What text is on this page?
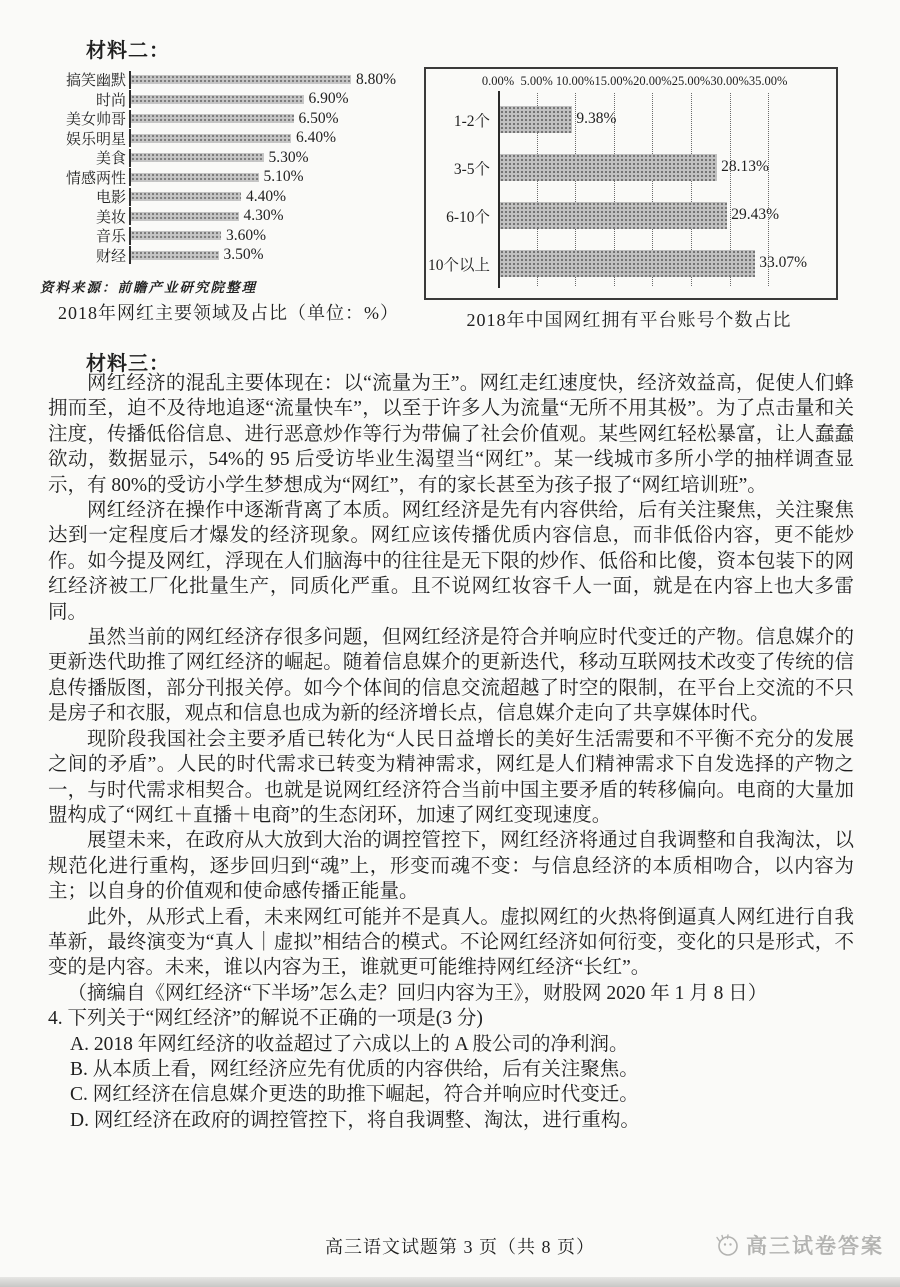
材料二：
搞笑幽默	8.80%
时尚	6.90%
美女帅哥	6.50%
娱乐明星	6.40%
美食	5.30%
情感两性	5.10%
电影	4.40%
美妆	4.30%
音乐	3.60%
财经	3.50%
资料来源：前瞻产业研究院整理
2018年网红主要领域及占比（单位：%）
0.00% 5.00% 10.00% 15.00% 20.00% 25.00% 30.00% 35.00%
1-2个	9.38%
3-5个	28.13%
6-10个	29.43%
10个以上	33.07%
2018年中国网红拥有平台账号个数占比
材料三：

网红经济的混乱主要体现在：以“流量为王”。网红走红速度快，经济效益高，促使人们蜂拥而至，迫不及待地追逐“流量快车”，以至于许多人为流量“无所不用其极”。为了点击量和关注度，传播低俗信息、进行恶意炒作等行为带偏了社会价值观。某些网红轻松暴富，让人蠢蠢欲动，数据显示，54%的 95 后受访毕业生渴望当“网红”。某一线城市多所小学的抽样调查显示，有 80%的受访小学生梦想成为“网红”，有的家长甚至为孩子报了“网红培训班”。

网红经济在操作中逐渐背离了本质。网红经济是先有内容供给，后有关注聚焦，关注聚焦达到一定程度后才爆发的经济现象。网红应该传播优质内容信息，而非低俗内容，更不能炒作。如今提及网红，浮现在人们脑海中的往往是无下限的炒作、低俗和比傻，资本包装下的网红经济被工厂化批量生产，同质化严重。且不说网红妆容千人一面，就是在内容上也大多雷同。

虽然当前的网红经济存很多问题，但网红经济是符合并响应时代变迁的产物。信息媒介的更新迭代助推了网红经济的崛起。随着信息媒介的更新迭代，移动互联网技术改变了传统的信息传播版图，部分刊报关停。如今个体间的信息交流超越了时空的限制，在平台上交流的不只是房子和衣服，观点和信息也成为新的经济增长点，信息媒介走向了共享媒体时代。

现阶段我国社会主要矛盾已转化为“人民日益增长的美好生活需要和不平衡不充分的发展之间的矛盾”。人民的时代需求已转变为精神需求，网红是人们精神需求下自发选择的产物之一，与时代需求相契合。也就是说网红经济符合当前中国主要矛盾的转移偏向。电商的大量加盟构成了“网红＋直播＋电商”的生态闭环，加速了网红变现速度。

展望未来，在政府从大放到大治的调控管控下，网红经济将通过自我调整和自我淘汰，以规范化进行重构，逐步回归到“魂”上，形变而魂不变：与信息经济的本质相吻合，以内容为主；以自身的价值观和使命感传播正能量。

此外，从形式上看，未来网红可能并不是真人。虚拟网红的火热将倒逼真人网红进行自我革新，最终演变为“真人｜虚拟”相结合的模式。不论网红经济如何衍变，变化的只是形式，不变的是内容。未来，谁以内容为王，谁就更可能维持网红经济“长红”。

（摘编自《网红经济“下半场”怎么走？回归内容为王》，财股网 2020 年 1 月 8 日）

4. 下列关于“网红经济”的解说不正确的一项是(3 分)

A. 2018 年网红经济的收益超过了六成以上的 A 股公司的净利润。
B. 从本质上看，网红经济应先有优质的内容供给，后有关注聚焦。
C. 网红经济在信息媒介更迭的助推下崛起，符合并响应时代变迁。
D. 网红经济在政府的调控管控下，将自我调整、淘汰，进行重构。
高三语文试题第 3 页（共 8 页）	高三试卷答案
